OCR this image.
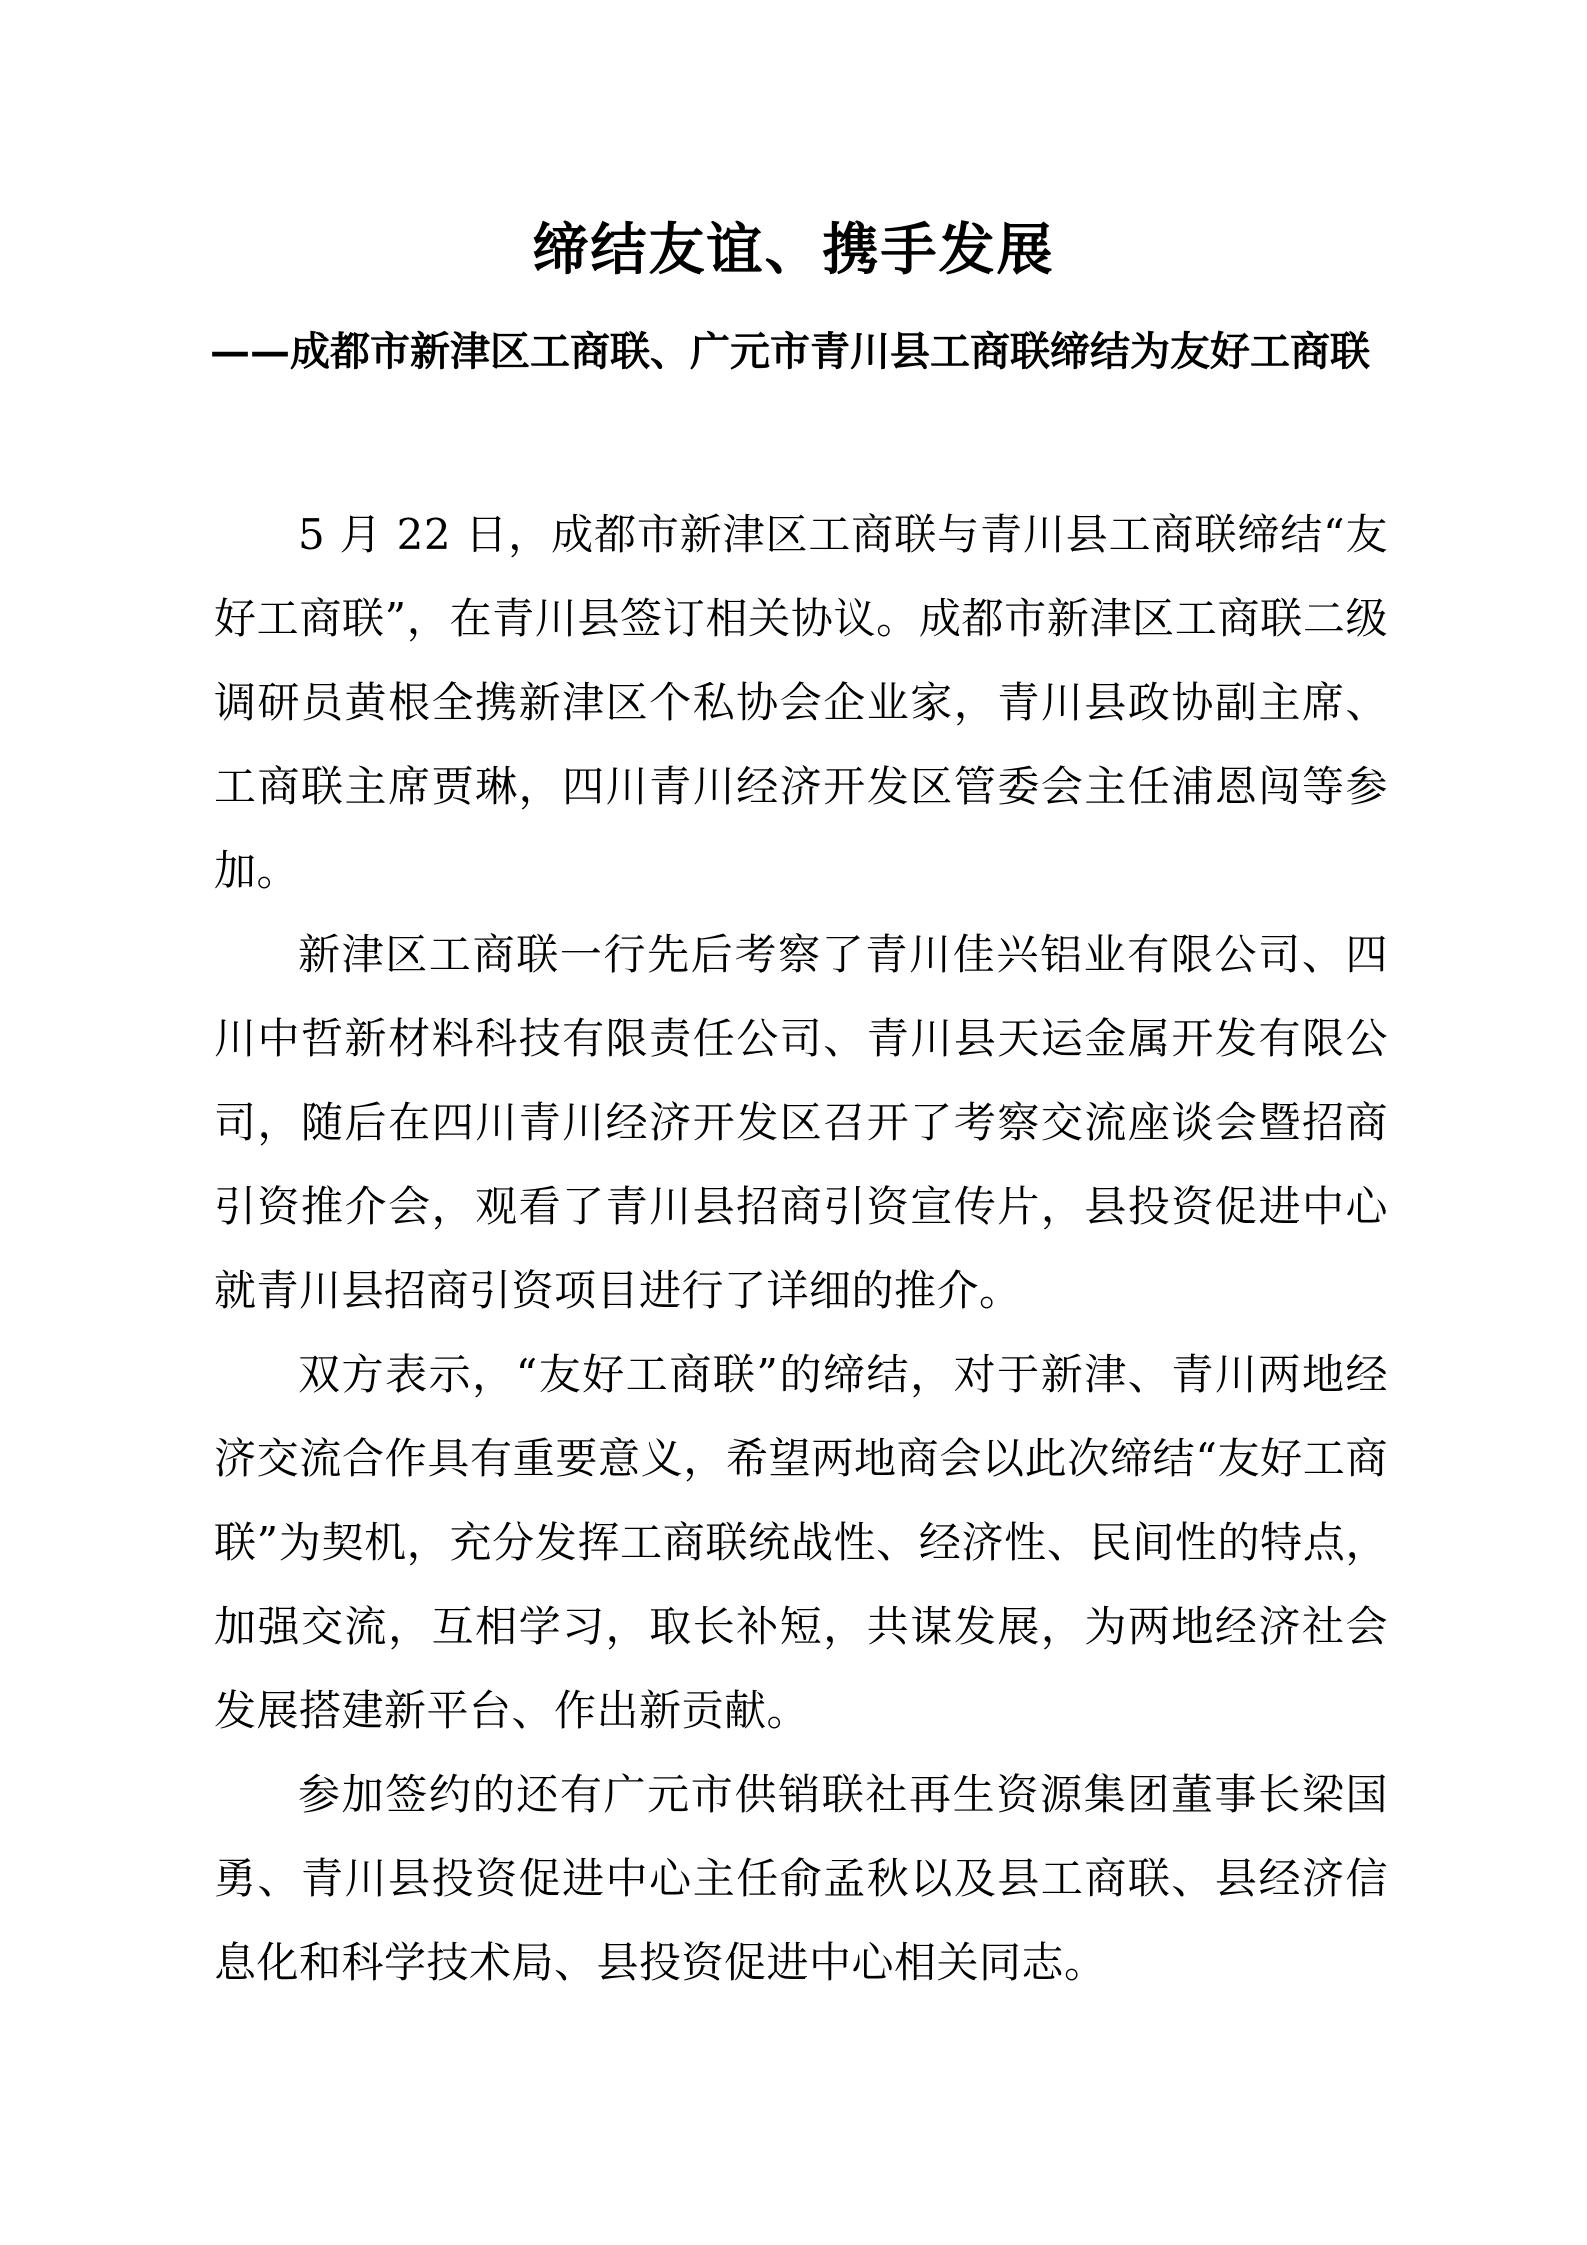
缔结友谊、携手发展
——成都市新津区工商联、广元市青川县工商联缔结为友好工商联

5 月 22 日，成都市新津区工商联与青川县工商联缔结“友好工商联”，在青川县签订相关协议。成都市新津区工商联二级调研员黄根全携新津区个私协会企业家，青川县政协副主席、工商联主席贾琳，四川青川经济开发区管委会主任浦恩闯等参加。

新津区工商联一行先后考察了青川佳兴铝业有限公司、四川中哲新材料科技有限责任公司、青川县天运金属开发有限公司，随后在四川青川经济开发区召开了考察交流座谈会暨招商引资推介会，观看了青川县招商引资宣传片，县投资促进中心就青川县招商引资项目进行了详细的推介。

双方表示，“友好工商联”的缔结，对于新津、青川两地经济交流合作具有重要意义，希望两地商会以此次缔结“友好工商联”为契机，充分发挥工商联统战性、经济性、民间性的特点，加强交流，互相学习，取长补短，共谋发展，为两地经济社会发展搭建新平台、作出新贡献。

参加签约的还有广元市供销联社再生资源集团董事长梁国勇、青川县投资促进中心主任俞孟秋以及县工商联、县经济信息化和科学技术局、县投资促进中心相关同志。
